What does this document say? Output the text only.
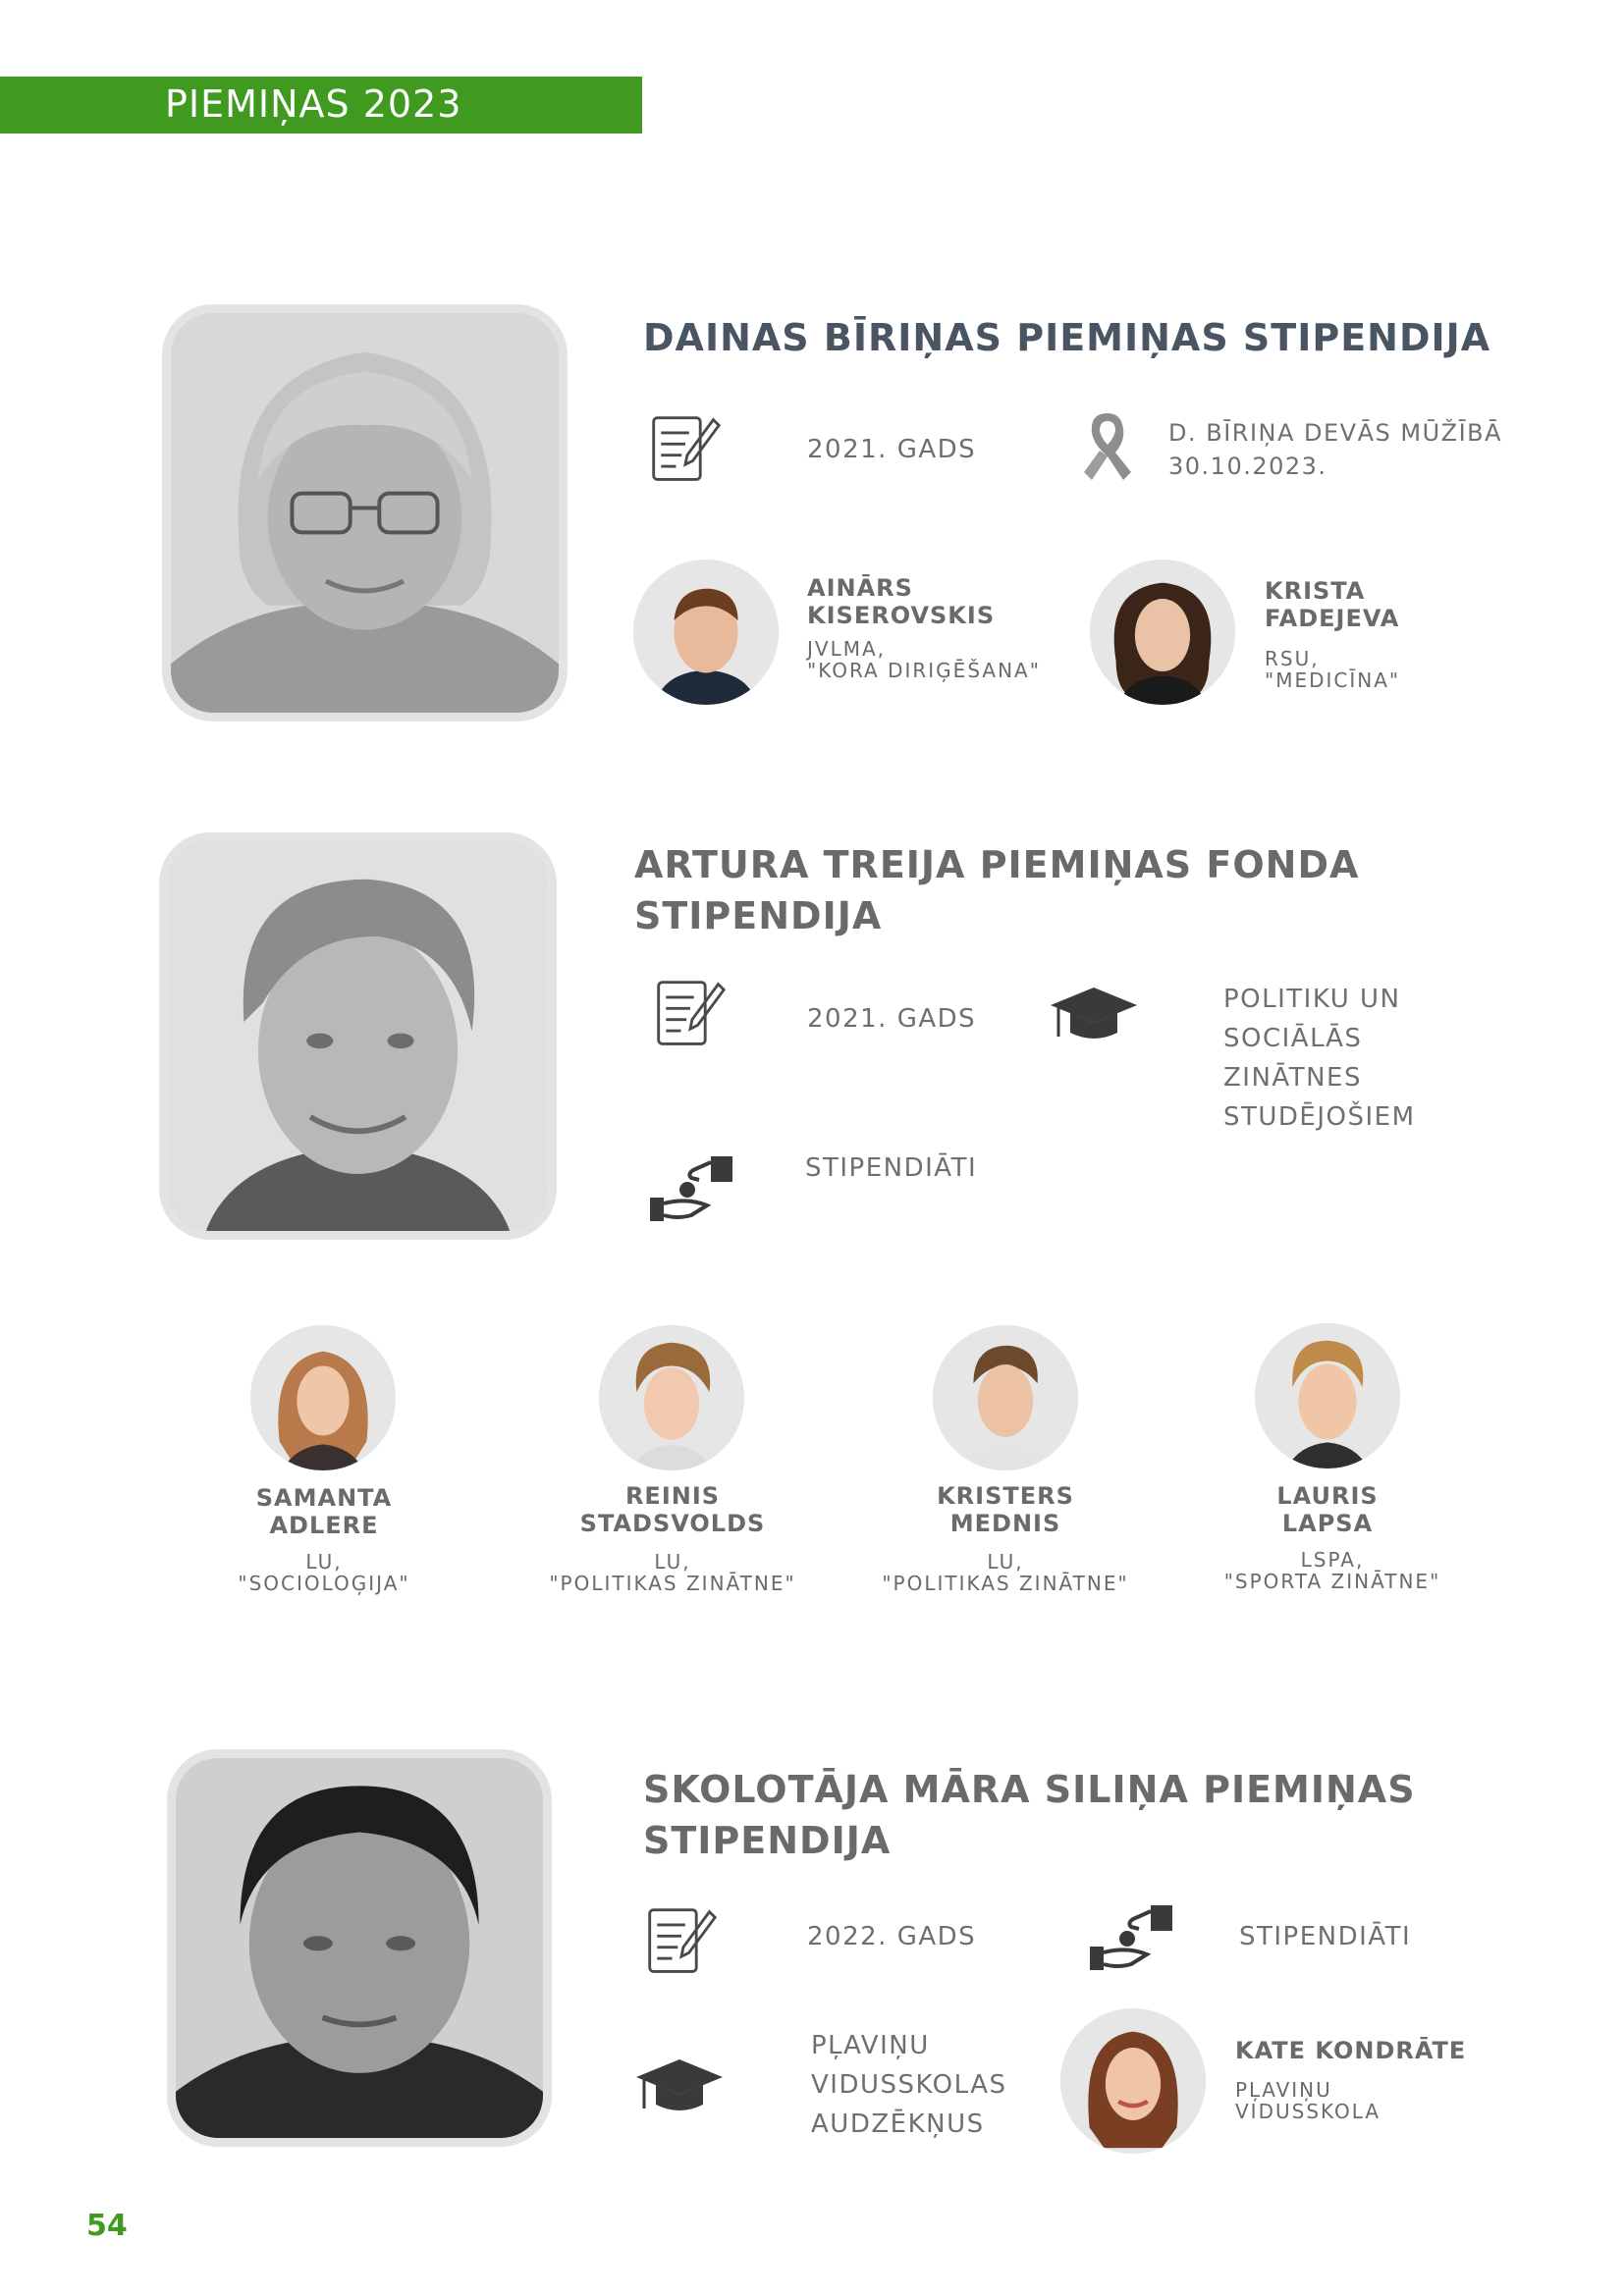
PIEMIŅAS 2023
DAINAS BĪRIŅAS PIEMIŅAS STIPENDIJA
2021. GADS
D. BĪRIŅA DEVĀS MŪŽĪBĀ
30.10.2023.
AINĀRS
KISEROVSKIS
JVLMA,
"KORA DIRIĢĒŠANA"
KRISTA
FADEJEVA
RSU,
"MEDICĪNA"
ARTURA TREIJA PIEMIŅAS FONDA
STIPENDIJA
2021. GADS
POLITIKU UN
SOCIĀLĀS
ZINĀTNES
STUDĒJOŠIEM
STIPENDIĀTI
SAMANTA
ADLERE
LU,
"SOCIOLOĢIJA"
REINIS
STADSVOLDS
LU,
"POLITIKAS ZINĀTNE"
KRISTERS
MEDNIS
LU,
"POLITIKAS ZINĀTNE"
LAURIS
LAPSA
LSPA,
"SPORTA ZINĀTNE"
SKOLOTĀJA MĀRA SILIŅA PIEMIŅAS
STIPENDIJA
2022. GADS	STIPENDIĀTI
PĻAVIŅU
VIDUSSKOLAS
AUDZĒKŅUS
KATE KONDRĀTE
PĻAVIŅU
VIDUSSKOLA
54
